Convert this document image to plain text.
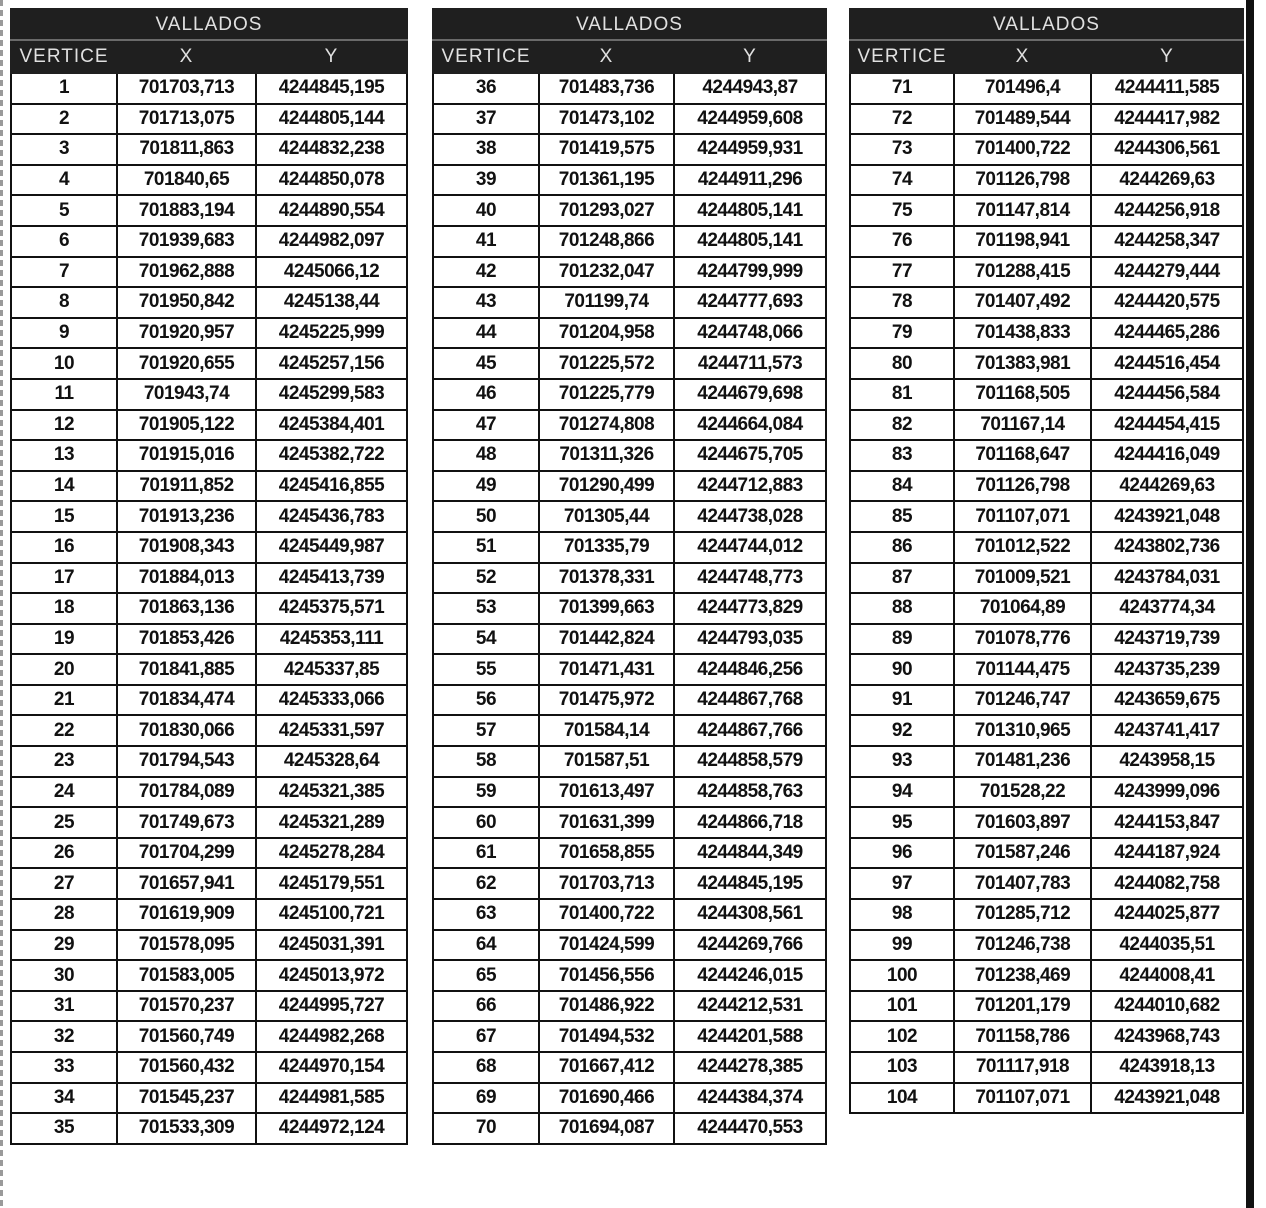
VALLADOS		
VERTICE	X	Y
1	701703,713	4244845,195
2	701713,075	4244805,144
3	701811,863	4244832,238
4	701840,65	4244850,078
5	701883,194	4244890,554
6	701939,683	4244982,097
7	701962,888	4245066,12
8	701950,842	4245138,44
9	701920,957	4245225,999
10	701920,655	4245257,156
11	701943,74	4245299,583
12	701905,122	4245384,401
13	701915,016	4245382,722
14	701911,852	4245416,855
15	701913,236	4245436,783
16	701908,343	4245449,987
17	701884,013	4245413,739
18	701863,136	4245375,571
19	701853,426	4245353,111
20	701841,885	4245337,85
21	701834,474	4245333,066
22	701830,066	4245331,597
23	701794,543	4245328,64
24	701784,089	4245321,385
25	701749,673	4245321,289
26	701704,299	4245278,284
27	701657,941	4245179,551
28	701619,909	4245100,721
29	701578,095	4245031,391
30	701583,005	4245013,972
31	701570,237	4244995,727
32	701560,749	4244982,268
33	701560,432	4244970,154
34	701545,237	4244981,585
35	701533,309	4244972,124
VALLADOS		
VERTICE	X	Y
36	701483,736	4244943,87
37	701473,102	4244959,608
38	701419,575	4244959,931
39	701361,195	4244911,296
40	701293,027	4244805,141
41	701248,866	4244805,141
42	701232,047	4244799,999
43	701199,74	4244777,693
44	701204,958	4244748,066
45	701225,572	4244711,573
46	701225,779	4244679,698
47	701274,808	4244664,084
48	701311,326	4244675,705
49	701290,499	4244712,883
50	701305,44	4244738,028
51	701335,79	4244744,012
52	701378,331	4244748,773
53	701399,663	4244773,829
54	701442,824	4244793,035
55	701471,431	4244846,256
56	701475,972	4244867,768
57	701584,14	4244867,766
58	701587,51	4244858,579
59	701613,497	4244858,763
60	701631,399	4244866,718
61	701658,855	4244844,349
62	701703,713	4244845,195
63	701400,722	4244308,561
64	701424,599	4244269,766
65	701456,556	4244246,015
66	701486,922	4244212,531
67	701494,532	4244201,588
68	701667,412	4244278,385
69	701690,466	4244384,374
70	701694,087	4244470,553
VALLADOS		
VERTICE	X	Y
71	701496,4	4244411,585
72	701489,544	4244417,982
73	701400,722	4244306,561
74	701126,798	4244269,63
75	701147,814	4244256,918
76	701198,941	4244258,347
77	701288,415	4244279,444
78	701407,492	4244420,575
79	701438,833	4244465,286
80	701383,981	4244516,454
81	701168,505	4244456,584
82	701167,14	4244454,415
83	701168,647	4244416,049
84	701126,798	4244269,63
85	701107,071	4243921,048
86	701012,522	4243802,736
87	701009,521	4243784,031
88	701064,89	4243774,34
89	701078,776	4243719,739
90	701144,475	4243735,239
91	701246,747	4243659,675
92	701310,965	4243741,417
93	701481,236	4243958,15
94	701528,22	4243999,096
95	701603,897	4244153,847
96	701587,246	4244187,924
97	701407,783	4244082,758
98	701285,712	4244025,877
99	701246,738	4244035,51
100	701238,469	4244008,41
101	701201,179	4244010,682
102	701158,786	4243968,743
103	701117,918	4243918,13
104	701107,071	4243921,048
